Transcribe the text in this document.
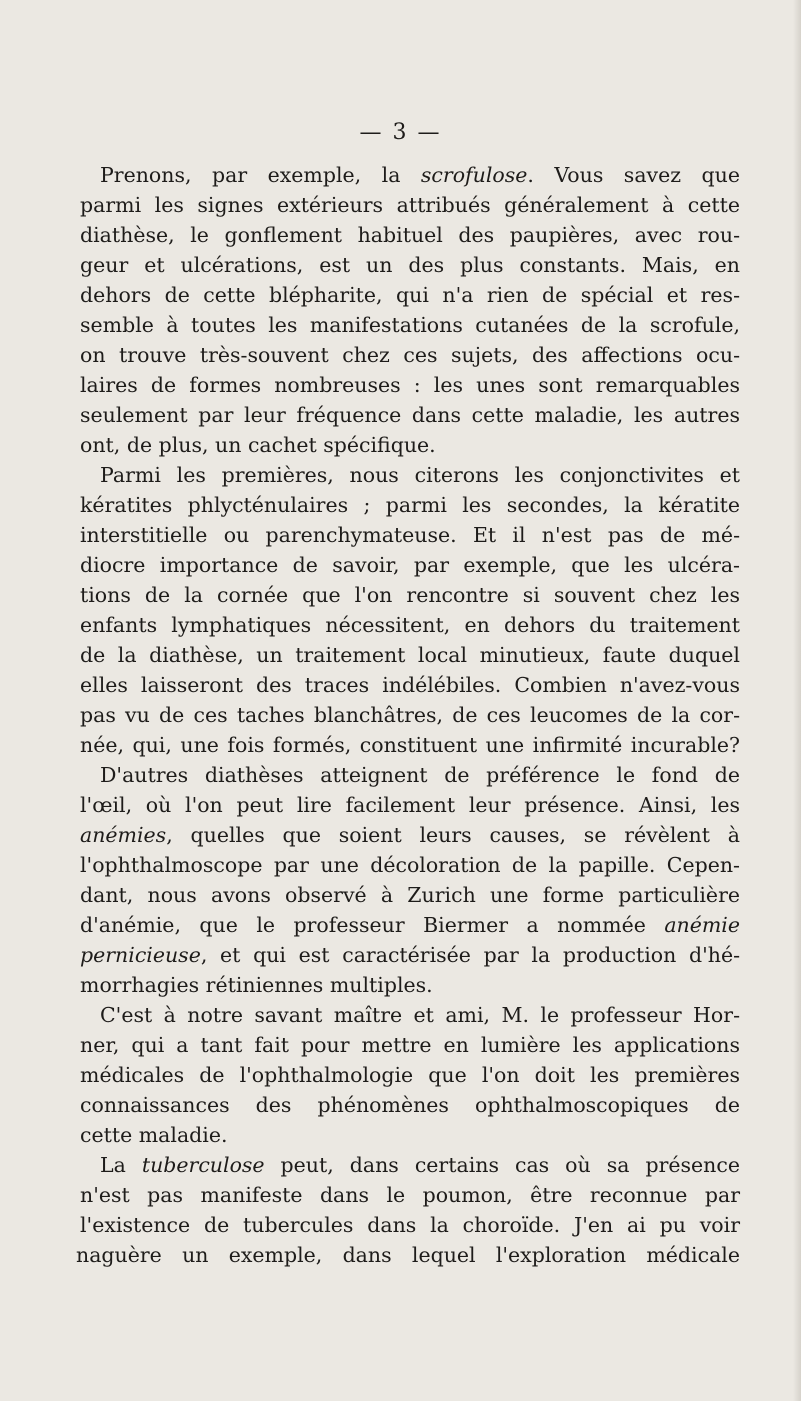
— 3 —
Prenons, par exemple, la scrofulose. Vous savez que
parmi les signes extérieurs attribués généralement à cette
diathèse, le gonflement habituel des paupières, avec rou-
geur et ulcérations, est un des plus constants. Mais, en
dehors de cette blépharite, qui n'a rien de spécial et res-
semble à toutes les manifestations cutanées de la scrofule,
on trouve très-souvent chez ces sujets, des affections ocu-
laires de formes nombreuses : les unes sont remarquables
seulement par leur fréquence dans cette maladie, les autres
ont, de plus, un cachet spécifique.
Parmi les premières, nous citerons les conjonctivites et
kératites phlycténulaires ; parmi les secondes, la kératite
interstitielle ou parenchymateuse. Et il n'est pas de mé-
diocre importance de savoir, par exemple, que les ulcéra-
tions de la cornée que l'on rencontre si souvent chez les
enfants lymphatiques nécessitent, en dehors du traitement
de la diathèse, un traitement local minutieux, faute duquel
elles laisseront des traces indélébiles. Combien n'avez-vous
pas vu de ces taches blanchâtres, de ces leucomes de la cor-
née, qui, une fois formés, constituent une infirmité incurable?
D'autres diathèses atteignent de préférence le fond de
l'œil, où l'on peut lire facilement leur présence. Ainsi, les
anémies, quelles que soient leurs causes, se révèlent à
l'ophthalmoscope par une décoloration de la papille. Cepen-
dant, nous avons observé à Zurich une forme particulière
d'anémie, que le professeur Biermer a nommée anémie
pernicieuse, et qui est caractérisée par la production d'hé-
morrhagies rétiniennes multiples.
C'est à notre savant maître et ami, M. le professeur Hor-
ner, qui a tant fait pour mettre en lumière les applications
médicales de l'ophthalmologie que l'on doit les premières
connaissances des phénomènes ophthalmoscopiques de
cette maladie.
La tuberculose peut, dans certains cas où sa présence
n'est pas manifeste dans le poumon, être reconnue par
l'existence de tubercules dans la choroïde. J'en ai pu voir
naguère un exemple, dans lequel l'exploration médicale
